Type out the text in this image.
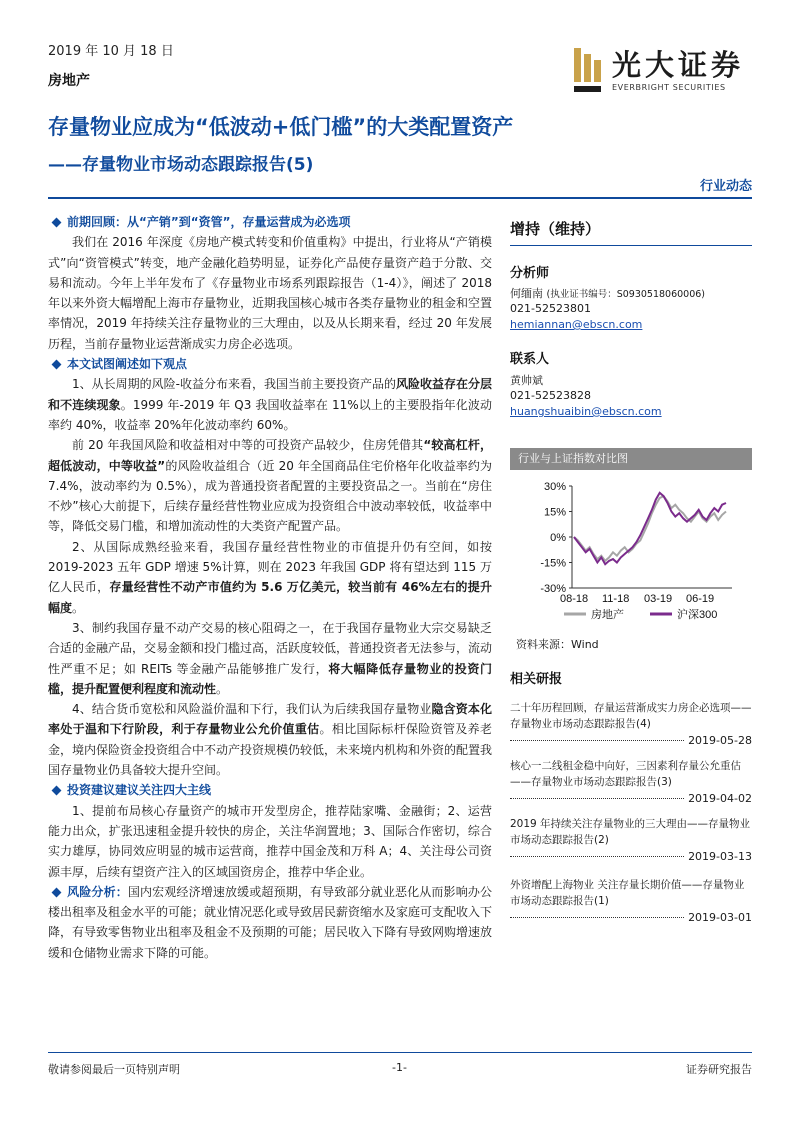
2019 年 10 月 18 日
房地产	光大证券
EVERBRIGHT SECURITIES
存量物业应成为“低波动+低门槛”的大类配置资产
——存量物业市场动态跟踪报告(5)
行业动态
前期回顾：从“产销”到“资管”，存量运营成为必选项

我们在 2016 年深度《房地产模式转变和价值重构》中提出，行业将从“产销模式”向“资管模式”转变，地产金融化趋势明显，证券化产品使存量资产趋于分散、交易和流动。今年上半年发布了《存量物业市场系列跟踪报告（1-4）》，阐述了 2018 年以来外资大幅增配上海市存量物业，近期我国核心城市各类存量物业的租金和空置率情况，2019 年持续关注存量物业的三大理由，以及从长期来看，经过 20 年发展历程，当前存量物业运营渐成实力房企必选项。

本文试图阐述如下观点

1、从长周期的风险-收益分布来看，我国当前主要投资产品的风险收益存在分层和不连续现象。1999 年-2019 年 Q3 我国收益率在 11%以上的主要股指年化波动率约 40%，收益率 20%年化波动率约 60%。

前 20 年我国风险和收益相对中等的可投资产品较少，住房凭借其“较高杠杆，超低波动，中等收益”的风险收益组合（近 20 年全国商品住宅价格年化收益率约为 7.4%，波动率约为 0.5%），成为普通投资者配置的主要投资品之一。当前在“房住不炒”核心大前提下，后续存量经营性物业应成为投资组合中波动率较低，收益率中等，降低交易门槛，和增加流动性的大类资产配置产品。

2、从国际成熟经验来看，我国存量经营性物业的市值提升仍有空间，如按 2019-2023 五年 GDP 增速 5%计算，则在 2023 年我国 GDP 将有望达到 115 万亿人民币，存量经营性不动产市值约为 5.6 万亿美元，较当前有 46%左右的提升幅度。

3、制约我国存量不动产交易的核心阻碍之一，在于我国存量物业大宗交易缺乏合适的金融产品，交易金额和投门槛过高，活跃度较低，普通投资者无法参与，流动性严重不足；如 REITs 等金融产品能够推广发行，将大幅降低存量物业的投资门槛，提升配置便利程度和流动性。

4、结合货币宽松和风险溢价温和下行，我们认为后续我国存量物业隐含资本化率处于温和下行阶段，利于存量物业公允价值重估。相比国际标杆保险资管及养老金，境内保险资金投资组合中不动产投资规模仍较低，未来境内机构和外资的配置我国存量物业仍具备较大提升空间。

投资建议建议关注四大主线

1、提前布局核心存量资产的城市开发型房企，推荐陆家嘴、金融街；2、运营能力出众，扩张迅速租金提升较快的房企，关注华润置地；3、国际合作密切，综合实力雄厚，协同效应明显的城市运营商，推荐中国金茂和万科 A；4、关注母公司资源丰厚，后续有望资产注入的区域国资房企，推荐中华企业。

风险分析：国内宏观经济增速放缓或超预期，有导致部分就业恶化从而影响办公楼出租率及租金水平的可能；就业情况恶化或导致居民薪资缩水及家庭可支配收入下降，有导致零售物业出租率及租金不及预期的可能；居民收入下降有导致网购增速放缓和仓储物业需求下降的可能。

增持（维持）
分析师
何缅南 (执业证书编号：S0930518060006)
021-52523801
hemiannan@ebscn.com
联系人
黄帅斌
021-52523828
huangshuaibin@ebscn.com
行业与上证指数对比图
30%
15%
0%
-15%
-30%
08-18 11-18 03-19 06-19
房地产	沪深300
资料来源：Wind
相关研报
二十年历程回顾，存量运营渐成实力房企必选项——存量物业市场动态跟踪报告(4)
2019-05-28
核心一二线租金稳中向好，三因素利存量公允重估——存量物业市场动态跟踪报告(3)
2019-04-02
2019 年持续关注存量物业的三大理由——存量物业市场动态跟踪报告(2)
2019-03-13
外资增配上海物业 关注存量长期价值——存量物业市场动态跟踪报告(1)
2019-03-01
敬请参阅最后一页特别声明	-1-	证券研究报告
